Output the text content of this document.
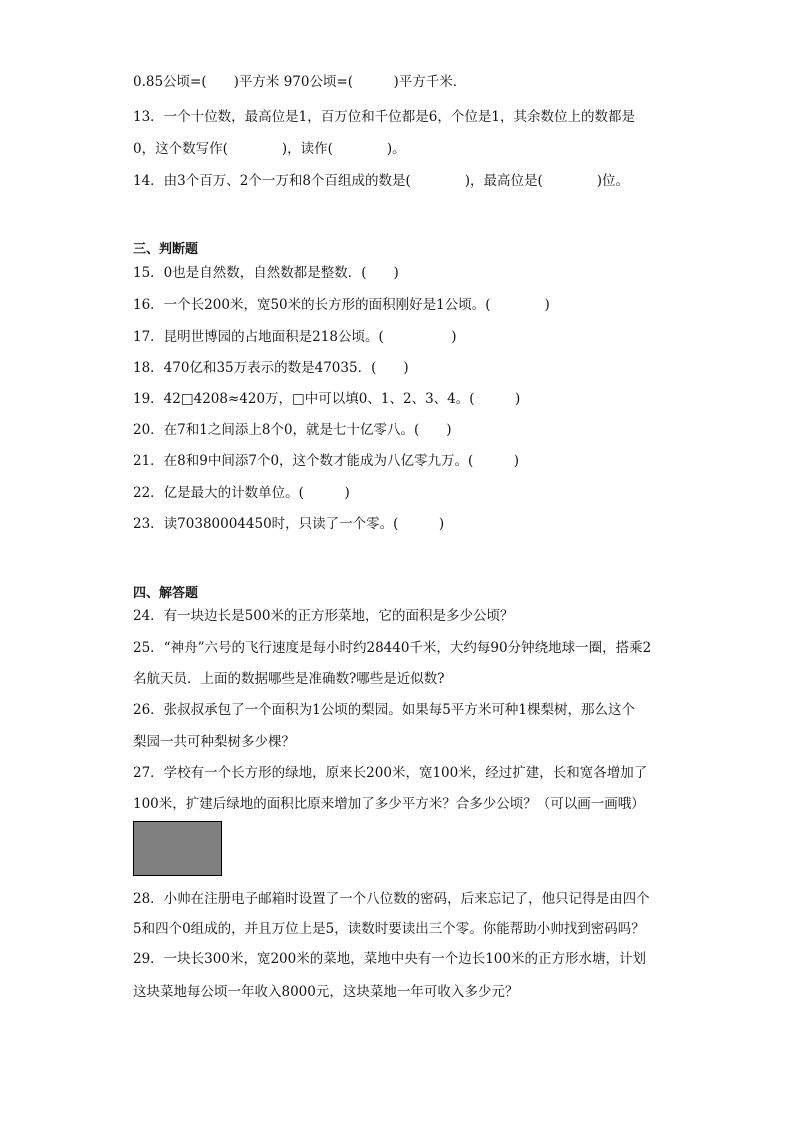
0.85公顷=(　　)平方米 970公顷=(　　　)平方千米．
13．一个十位数，最高位是1，百万位和千位都是6，个位是1，其余数位上的数都是
0，这个数写作(　　　　)，读作(　　　　)。
14．由3个百万、2个一万和8个百组成的数是(　　　　)，最高位是(　　　　)位。
三、判断题
15．0也是自然数，自然数都是整数．(　　)
16．一个长200米，宽50米的长方形的面积刚好是1公顷。(　　　　)
17．昆明世博园的占地面积是218公顷。(　　　　　)
18．470亿和35万表示的数是47035．(　　)
19．42□4208≈420万，□中可以填0、1、2、3、4。(　　　)
20．在7和1之间添上8个0，就是七十亿零八。(　　)
21．在8和9中间添7个0，这个数才能成为八亿零九万。(　　　)
22．亿是最大的计数单位。(　　　)
23．读70380004450时，只读了一个零。(　　　)
四、解答题
24．有一块边长是500米的正方形菜地，它的面积是多少公顷？
25．“神舟”六号的飞行速度是每小时约28440千米，大约每90分钟绕地球一圈，搭乘2
名航天员．上面的数据哪些是准确数?哪些是近似数?
26．张叔叔承包了一个面积为1公顷的梨园。如果每5平方米可种1棵梨树，那么这个
梨园一共可种梨树多少棵？
27．学校有一个长方形的绿地，原来长200米，宽100米，经过扩建，长和宽各增加了
100米，扩建后绿地的面积比原来增加了多少平方米？合多少公顷？（可以画一画哦）
28．小帅在注册电子邮箱时设置了一个八位数的密码，后来忘记了，他只记得是由四个
5和四个0组成的，并且万位上是5，读数时要读出三个零。你能帮助小帅找到密码吗？
29．一块长300米，宽200米的菜地，菜地中央有一个边长100米的正方形水塘，计划
这块菜地每公顷一年收入8000元，这块菜地一年可收入多少元？
